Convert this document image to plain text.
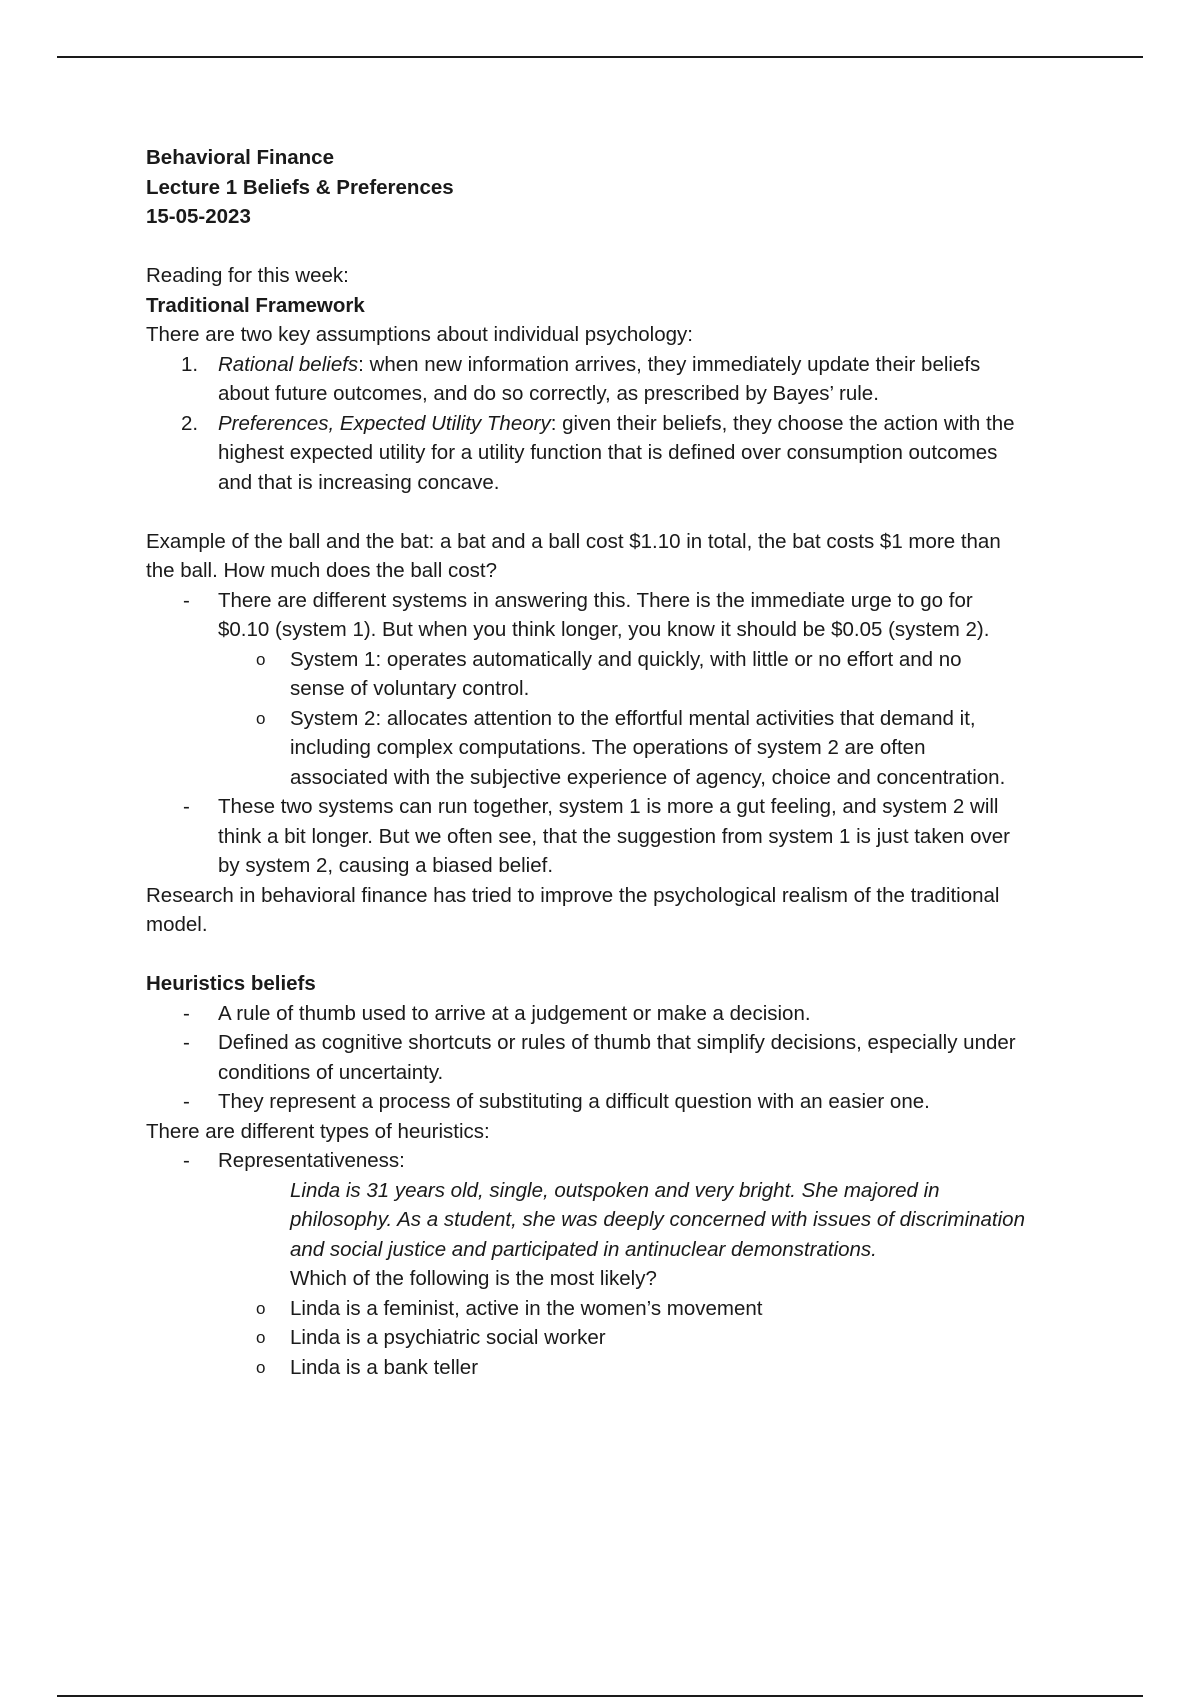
Behavioral Finance
Lecture 1 Beliefs & Preferences
15-05-2023
Reading for this week:
Traditional Framework
There are two key assumptions about individual psychology:
1. Rational beliefs: when new information arrives, they immediately update their beliefs
about future outcomes, and do so correctly, as prescribed by Bayes’ rule.
2. Preferences, Expected Utility Theory: given their beliefs, they choose the action with the
highest expected utility for a utility function that is defined over consumption outcomes
and that is increasing concave.
Example of the ball and the bat: a bat and a ball cost $1.10 in total, the bat costs $1 more than
the ball. How much does the ball cost?
- There are different systems in answering this. There is the immediate urge to go for
$0.10 (system 1). But when you think longer, you know it should be $0.05 (system 2).
o System 1: operates automatically and quickly, with little or no effort and no
sense of voluntary control.
o System 2: allocates attention to the effortful mental activities that demand it,
including complex computations. The operations of system 2 are often
associated with the subjective experience of agency, choice and concentration.
- These two systems can run together, system 1 is more a gut feeling, and system 2 will
think a bit longer. But we often see, that the suggestion from system 1 is just taken over
by system 2, causing a biased belief.
Research in behavioral finance has tried to improve the psychological realism of the traditional
model.
Heuristics beliefs
- A rule of thumb used to arrive at a judgement or make a decision.
- Defined as cognitive shortcuts or rules of thumb that simplify decisions, especially under
conditions of uncertainty.
- They represent a process of substituting a difficult question with an easier one.
There are different types of heuristics:
- Representativeness:
Linda is 31 years old, single, outspoken and very bright. She majored in
philosophy. As a student, she was deeply concerned with issues of discrimination
and social justice and participated in antinuclear demonstrations.
Which of the following is the most likely?
o Linda is a feminist, active in the women’s movement
o Linda is a psychiatric social worker
o Linda is a bank teller
